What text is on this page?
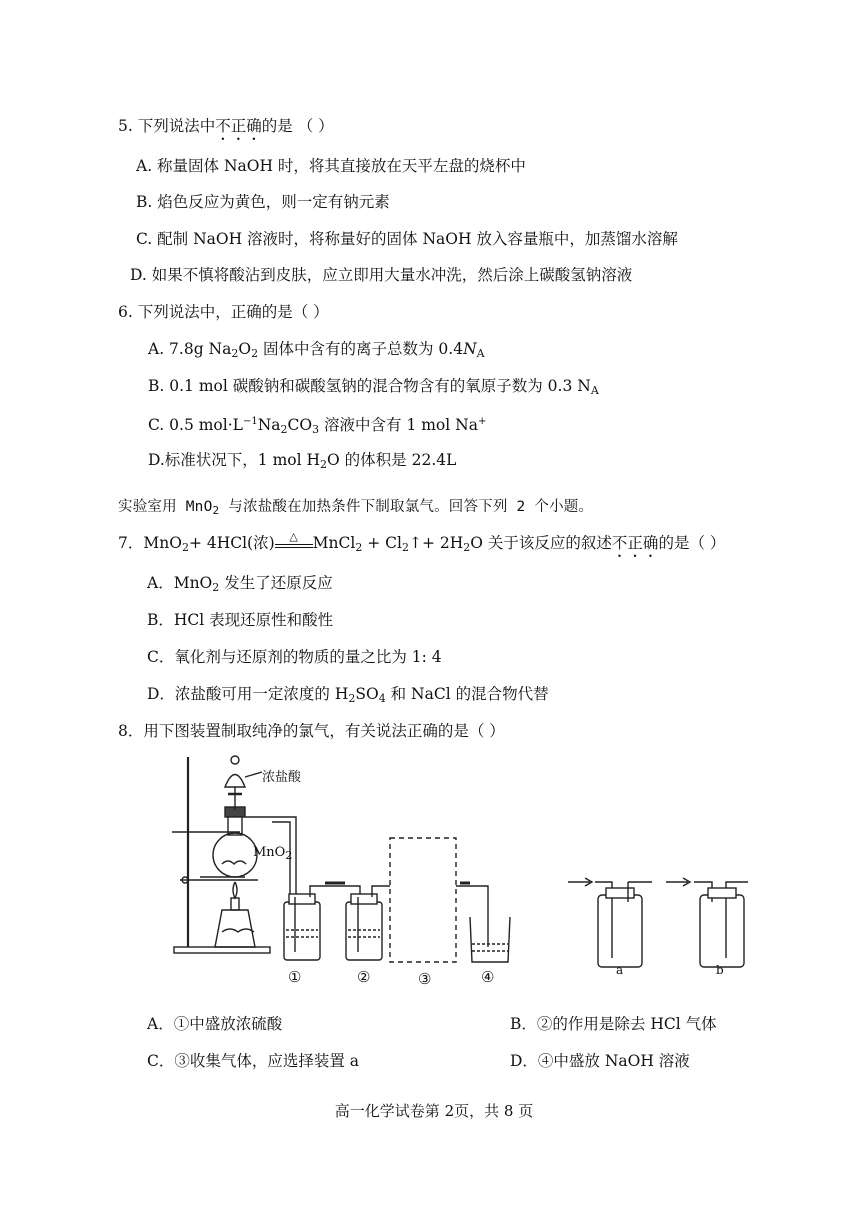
5. 下列说法中不正确的是 （ ）
A. 称量固体 NaOH 时，将其直接放在天平左盘的烧杯中
B. 焰色反应为黄色，则一定有钠元素
C. 配制 NaOH 溶液时，将称量好的固体 NaOH 放入容量瓶中，加蒸馏水溶解
D. 如果不慎将酸沾到皮肤，应立即用大量水冲洗，然后涂上碳酸氢钠溶液
6. 下列说法中，正确的是（ ）
A. 7.8g $Na_2O_2$ 固体中含有的离子总数为 $0.4N_A$
B. 0.1 mol 碳酸钠和碳酸氢钠的混合物含有的氧原子数为 0.3 $N_A$
C. 0.5 $mol\cdot L^{-1}Na_2CO_3$ 溶液中含有 1 mol Na+
D.标准状况下，1 mol $H_2O$ 的体积是 22.4L
实验室用 MnO$_2$ 与浓盐酸在加热条件下制取氯气。回答下列 2 个小题。
7．MnO$_2$+ 4HCl(浓)	△ MnCl$_2$ + $Cl_2↑+ 2H_2O$ 关于该反应的叙述不正确的是（ ）
A．MnO$_2$ 发生了还原反应
B．HCl 表现还原性和酸性
C．氧化剂与还原剂的物质的量之比为 1: 4
D．浓盐酸可用一定浓度的 $H_2SO_4$ 和 NaCl 的混合物代替
8．用下图装置制取纯净的氯气，有关说法正确的是（ ）
浓盐酸
MnO$_2$
①	②	③	④	a	b
A．①中盛放浓硫酸	B．②的作用是除去 HCl 气体
C．③收集气体，应选择装置 a	D．④中盛放 NaOH 溶液
高一化学试卷第 2页，共 8 页
